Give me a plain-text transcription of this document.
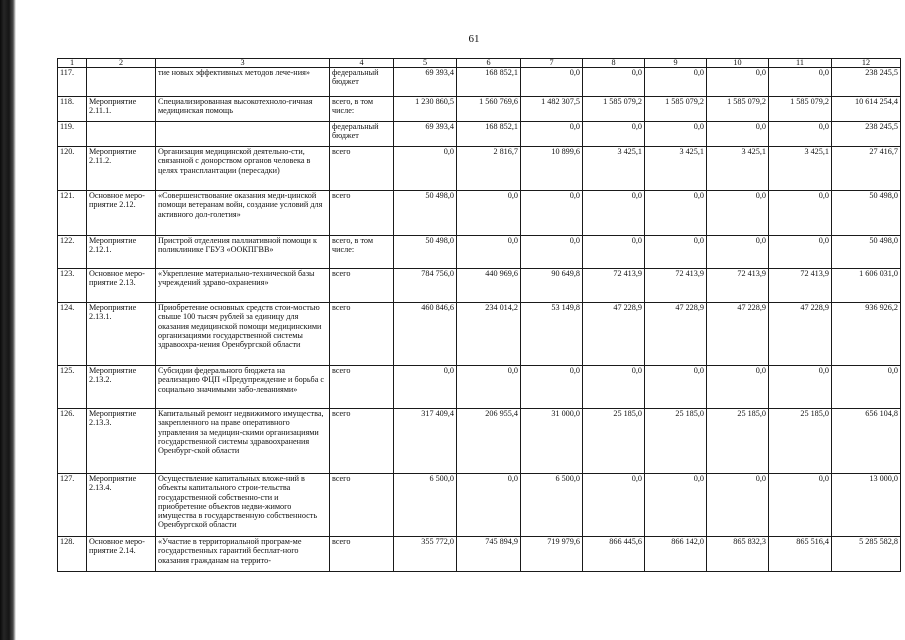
61
1	2	3	4	5	6	7	8	9	10	11	12
117.		тие новых эффективных методов лече-ния»	федеральный бюджет	69 393,4	168 852,1	0,0	0,0	0,0	0,0	0,0	238 245,5
118.	Мероприятие 2.11.1.	Специализированная высокотехноло-гичная медицинская помощь	всего, в том числе:	1 230 860,5	1 560 769,6	1 482 307,5	1 585 079,2	1 585 079,2	1 585 079,2	1 585 079,2	10 614 254,4
119.			федеральный бюджет	69 393,4	168 852,1	0,0	0,0	0,0	0,0	0,0	238 245,5
120.	Мероприятие 2.11.2.	Организация медицинской деятельно-сти, связанной с донорством органов человека в целях трансплантации (пересадки)	всего	0,0	2 816,7	10 899,6	3 425,1	3 425,1	3 425,1	3 425,1	27 416,7
121.	Основное меро-приятие 2.12.	«Совершенствование оказания меди-цинской помощи ветеранам войн, создание условий для активного дол-голетия»	всего	50 498,0	0,0	0,0	0,0	0,0	0,0	0,0	50 498,0
122.	Мероприятие 2.12.1.	Пристрой отделения паллиативной помощи к поликлинике ГБУЗ «ООКПГВВ»	всего, в том числе:	50 498,0	0,0	0,0	0,0	0,0	0,0	0,0	50 498,0
123.	Основное меро-приятие 2.13.	«Укрепление материально-технической базы учреждений здраво-охранения»	всего	784 756,0	440 969,6	90 649,8	72 413,9	72 413,9	72 413,9	72 413,9	1 606 031,0
124.	Мероприятие 2.13.1.	Приобретение основных средств стои-мостью свыше 100 тысяч рублей за единицу для оказания медицинской помощи медицинскими организациями государственной системы здравоохра-нения Оренбургской области	всего	460 846,6	234 014,2	53 149,8	47 228,9	47 228,9	47 228,9	47 228,9	936 926,2
125.	Мероприятие 2.13.2.	Субсидии федерального бюджета на реализацию ФЦП «Предупреждение и борьба с социально значимыми забо-леваниями»	всего	0,0	0,0	0,0	0,0	0,0	0,0	0,0	0,0
126.	Мероприятие 2.13.3.	Капитальный ремонт недвижимого имущества, закрепленного на праве оперативного управления за медицин-скими организациями государственной системы здравоохранения Оренбург-ской области	всего	317 409,4	206 955,4	31 000,0	25 185,0	25 185,0	25 185,0	25 185,0	656 104,8
127.	Мероприятие 2.13.4.	Осуществление капитальных вложе-ний в объекты капитального строи-тельства государственной собственно-сти и приобретение объектов недви-жимого имущества в государственную собственность Оренбургской области	всего	6 500,0	0,0	6 500,0	0,0	0,0	0,0	0,0	13 000,0
128.	Основное меро-приятие 2.14.	«Участие в территориальной програм-ме государственных гарантий бесплат-ного оказания гражданам на террито-	всего	355 772,0	745 894,9	719 979,6	866 445,6	866 142,0	865 832,3	865 516,4	5 285 582,8
